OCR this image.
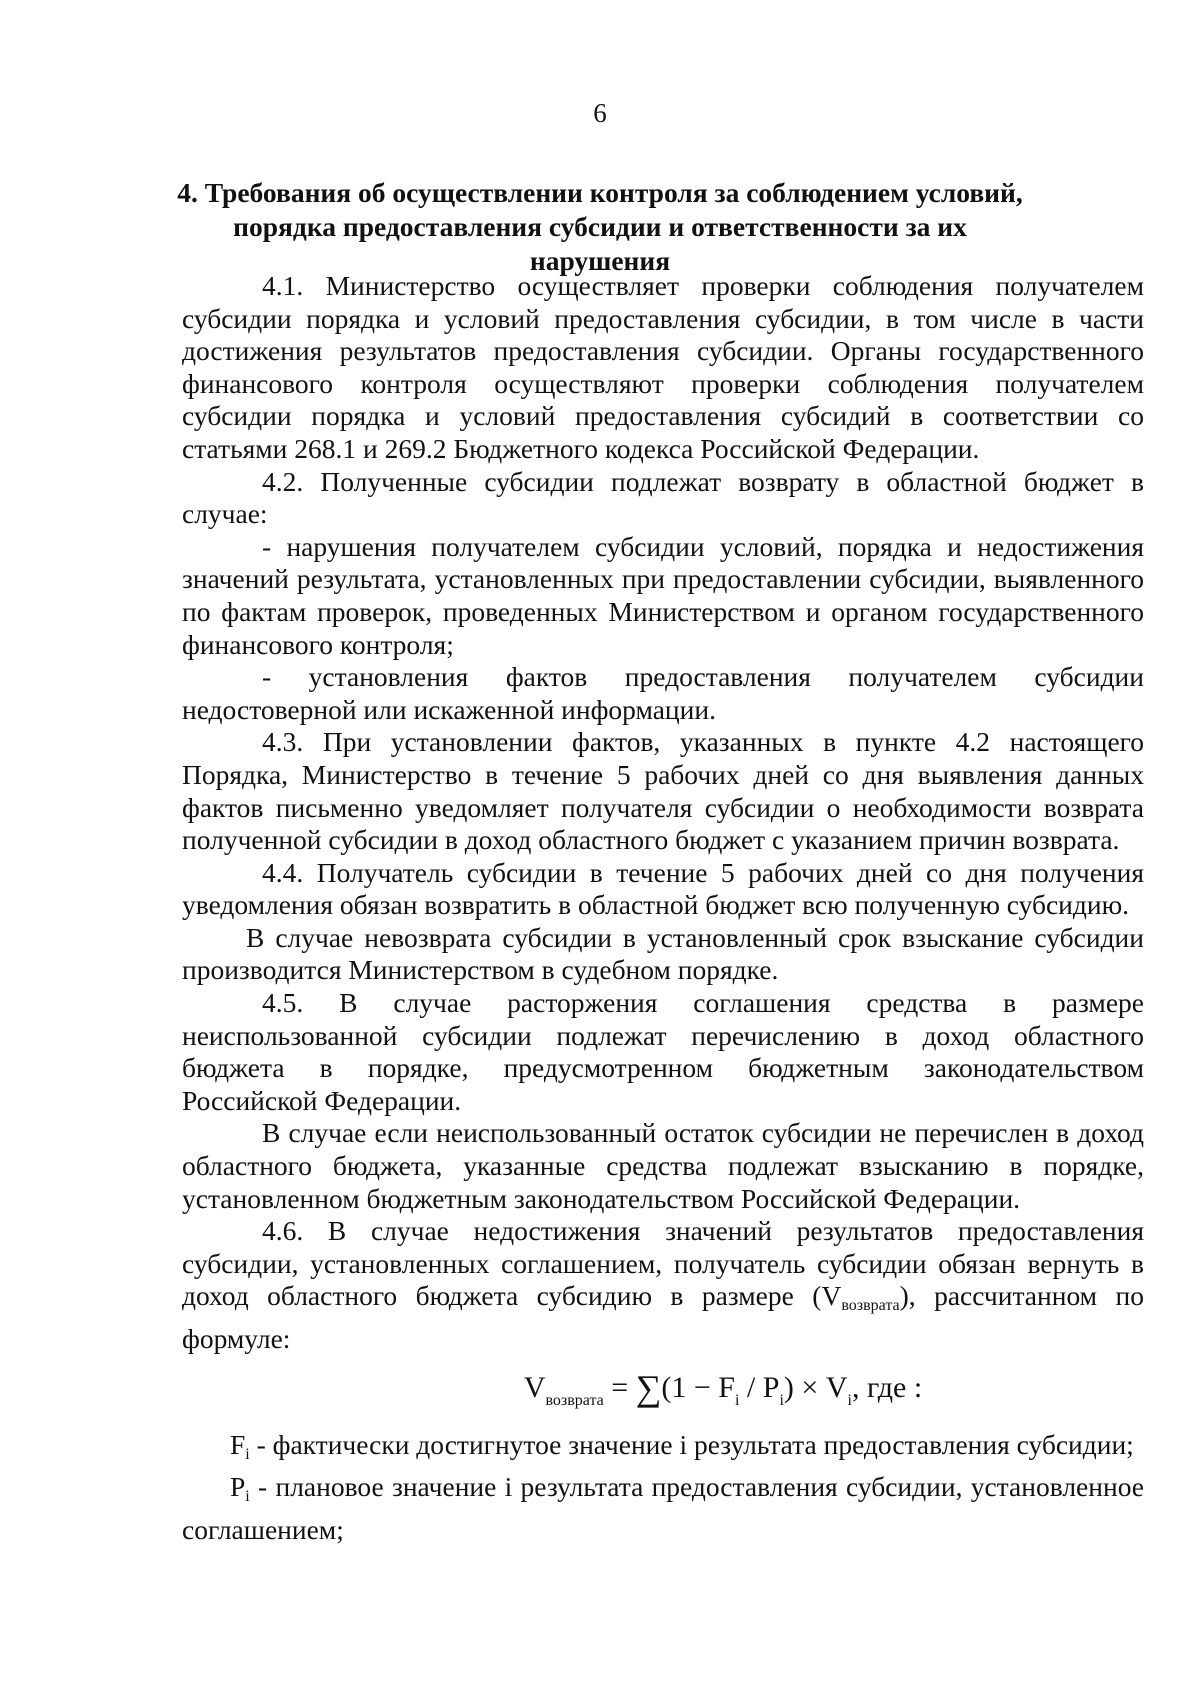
6
4. Требования об осуществлении контроля за соблюдением условий,
порядка предоставления субсидии и ответственности за их нарушения

4.1. Министерство осуществляет проверки соблюдения получателем субсидии порядка и условий предоставления субсидии, в том числе в части достижения результатов предоставления субсидии. Органы государственного финансового контроля осуществляют проверки соблюдения получателем субсидии порядка и условий предоставления субсидий в соответствии со статьями 268.1 и 269.2 Бюджетного кодекса Российской Федерации.

4.2. Полученные субсидии подлежат возврату в областной бюджет в случае:

- нарушения получателем субсидии условий, порядка и недостижения значений результата, установленных при предоставлении субсидии, выявленного по фактам проверок, проведенных Министерством и органом государственного финансового контроля;

- установления фактов предоставления получателем субсидии недостоверной или искаженной информации.

4.3. При установлении фактов, указанных в пункте 4.2 настоящего Порядка, Министерство в течение 5 рабочих дней со дня выявления данных фактов письменно уведомляет получателя субсидии о необходимости возврата полученной субсидии в доход областного бюджет с указанием причин возврата.

4.4. Получатель субсидии в течение 5 рабочих дней со дня получения уведомления обязан возвратить в областной бюджет всю полученную субсидию.

В случае невозврата субсидии в установленный срок взыскание субсидии производится Министерством в судебном порядке.

4.5. В случае расторжения соглашения средства в размере неиспользованной субсидии подлежат перечислению в доход областного бюджета в порядке, предусмотренном бюджетным законодательством Российской Федерации.

В случае если неиспользованный остаток субсидии не перечислен в доход областного бюджета, указанные средства подлежат взысканию в порядке, установленном бюджетным законодательством Российской Федерации.

4.6. В случае недостижения значений результатов предоставления субсидии, установленных соглашением, получатель субсидии обязан вернуть в доход областного бюджета субсидию в размере (Vвозврата), рассчитанном по формуле:

$V_{возврата} = \sum(1 - F_i / P_i) \times V_i$, где :

Fi - фактически достигнутое значение i результата предоставления субсидии;

Pi - плановое значение i результата предоставления субсидии, установленное соглашением;
